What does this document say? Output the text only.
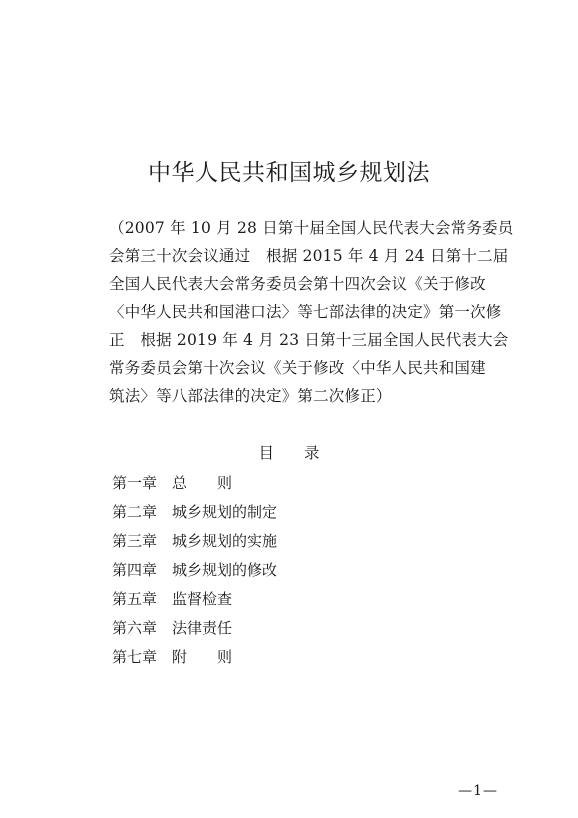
中华人民共和国城乡规划法

（2007 年 10 月 28 日第十届全国人民代表大会常务委员

会第三十次会议通过　根据 2015 年 4 月 24 日第十二届

全国人民代表大会常务委员会第十四次会议《关于修改

〈中华人民共和国港口法〉等七部法律的决定》第一次修

正　根据 2019 年 4 月 23 日第十三届全国人民代表大会

常务委员会第十次会议《关于修改〈中华人民共和国建

筑法〉等八部法律的决定》第二次修正）

目 录
第一章 总　　则
第二章 城乡规划的制定
第三章 城乡规划的实施
第四章 城乡规划的修改
第五章 监督检查
第六章 法律责任
第七章 附　　则
—1—
